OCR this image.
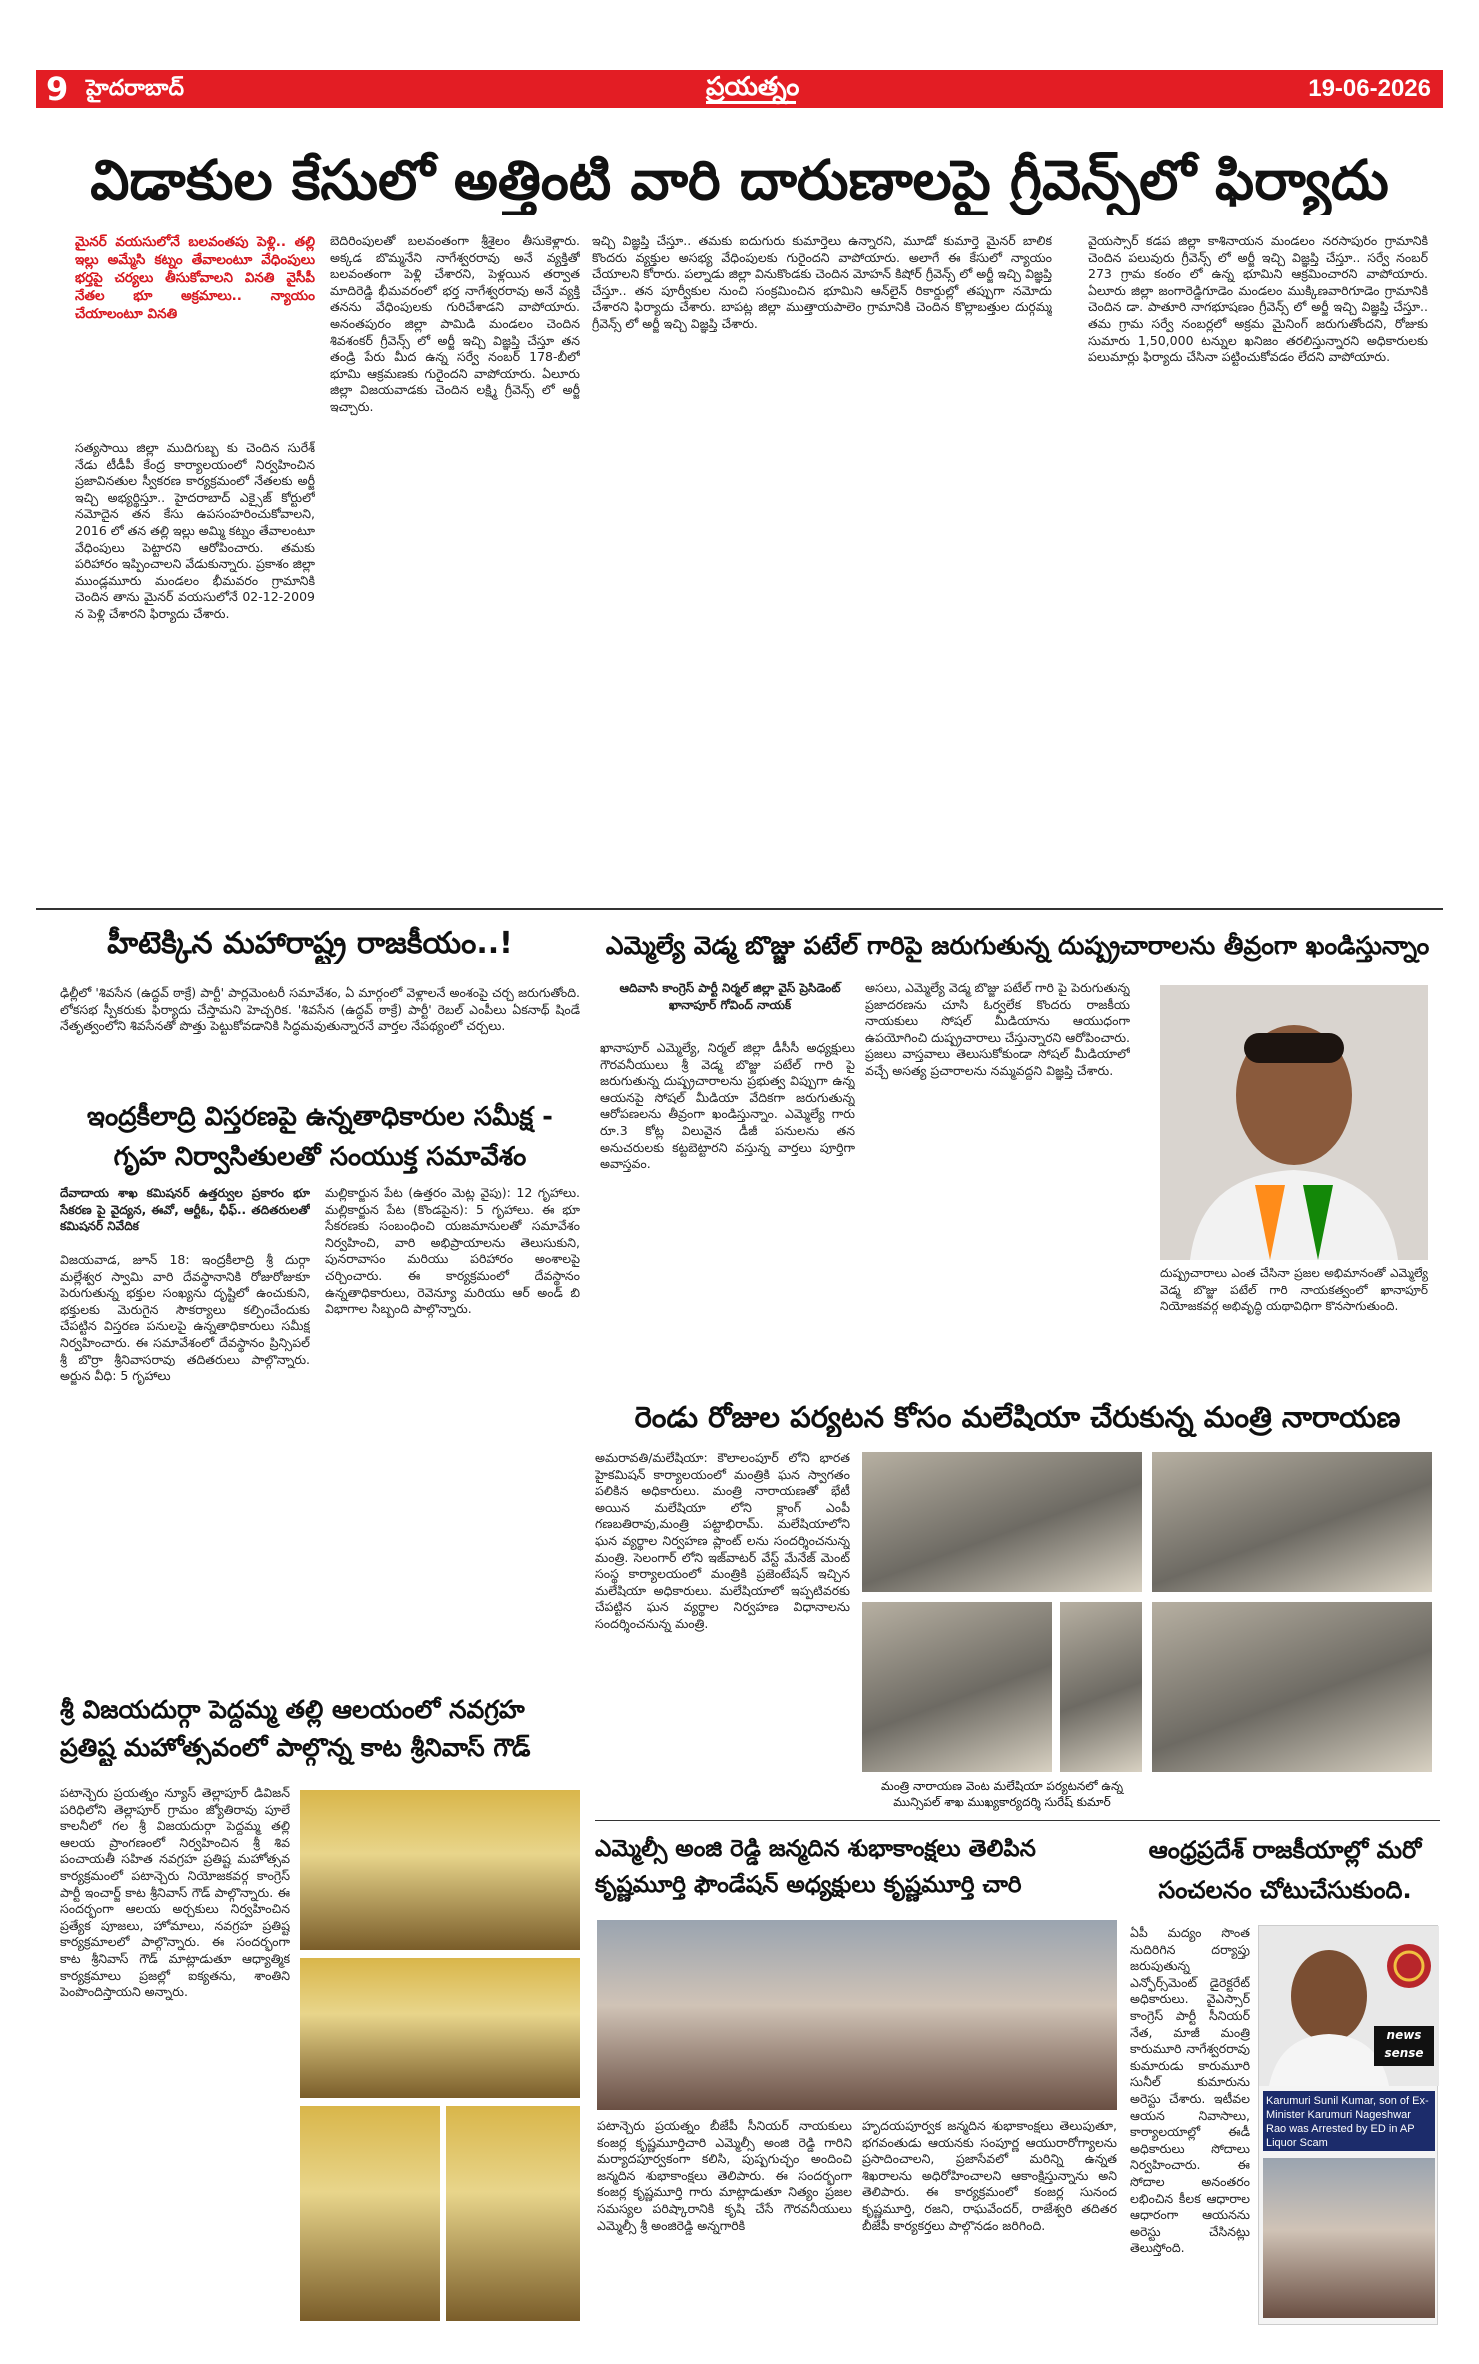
9 హైదరాబాద్	ప్రయత్నం	19-06-2026
విడాకుల కేసులో అత్తింటి వారి దారుణాలపై గ్రీవెన్స్‌లో ఫిర్యాదు
మైనర్ వయసులోనే బలవంతపు పెళ్లి.. తల్లి ఇల్లు అమ్మేసి కట్నం తేవాలంటూ వేధింపులు భర్తపై చర్యలు తీసుకోవాలని వినతి వైసీపీ నేతల భూ అక్రమాలు.. న్యాయం చేయాలంటూ వినతి
సత్యసాయి జిల్లా ముదిగుబ్బ కు చెందిన సురేశ్ నేడు టీడీపీ కేంద్ర కార్యాలయంలో నిర్వహించిన ప్రజావినతుల స్వీకరణ కార్యక్రమంలో నేతలకు అర్జీ ఇచ్చి అభ్యర్థిస్తూ.. హైదరాబాద్ ఎక్సైజ్ కోర్టులో నమోదైన తన కేసు ఉపసంహరించుకోవాలని, 2016 లో తన తల్లి ఇల్లు అమ్మి కట్నం తేవాలంటూ వేధింపులు పెట్టారని ఆరోపించారు. తమకు పరిహారం ఇప్పించాలని వేడుకున్నారు. ప్రకాశం జిల్లా ముండ్లమూరు మండలం భీమవరం గ్రామానికి చెందిన తాను మైనర్ వయసులోనే 02-12-2009 న పెళ్లి చేశారని ఫిర్యాదు చేశారు.
బెదిరింపులతో బలవంతంగా శ్రీశైలం తీసుకెళ్లారు. అక్కడ బొమ్మనేని నాగేశ్వరరావు అనే వ్యక్తితో బలవంతంగా పెళ్లి చేశారని, పెళ్లయిన తర్వాత మాదిరెడ్డి భీమవరంలో భర్త నాగేశ్వరరావు అనే వ్యక్తి తనను వేధింపులకు గురిచేశాడని వాపోయారు. అనంతపురం జిల్లా పామిడి మండలం చెందిన శివశంకర్ గ్రీవెన్స్ లో అర్జీ ఇచ్చి విజ్ఞప్తి చేస్తూ తన తండ్రి పేరు మీద ఉన్న సర్వే నంబర్ 178-బీలో భూమి ఆక్రమణకు గురైందని వాపోయారు. ఏలూరు జిల్లా విజయవాడకు చెందిన లక్ష్మి గ్రీవెన్స్ లో అర్జీ ఇచ్చారు.
ఇచ్చి విజ్ఞప్తి చేస్తూ.. తమకు ఐదుగురు కుమార్తెలు ఉన్నారని, మూడో కుమార్తె మైనర్ బాలిక కొందరు వ్యక్తుల అసభ్య వేధింపులకు గురైందని వాపోయారు. అలాగే ఈ కేసులో న్యాయం చేయాలని కోరారు. పల్నాడు జిల్లా వినుకొండకు చెందిన మోహన్ కిషోర్ గ్రీవెన్స్ లో అర్జీ ఇచ్చి విజ్ఞప్తి చేస్తూ.. తన పూర్వీకుల నుంచి సంక్రమించిన భూమిని ఆన్‌లైన్ రికార్డుల్లో తప్పుగా నమోదు చేశారని ఫిర్యాదు చేశారు. బాపట్ల జిల్లా ముత్తాయపాలెం గ్రామానికి చెందిన కొల్లాబత్తుల దుర్గమ్మ గ్రీవెన్స్ లో అర్జీ ఇచ్చి విజ్ఞప్తి చేశారు.
వైయస్సార్ కడప జిల్లా కాశినాయన మండలం నరసాపురం గ్రామానికి చెందిన పలువురు గ్రీవెన్స్ లో అర్జీ ఇచ్చి విజ్ఞప్తి చేస్తూ.. సర్వే నంబర్ 273 గ్రామ కంఠం లో ఉన్న భూమిని ఆక్రమించారని వాపోయారు. ఏలూరు జిల్లా జంగారెడ్డిగూడెం మండలం ముక్కిణవారిగూడెం గ్రామానికి చెందిన డా. పాతూరి నాగభూషణం గ్రీవెన్స్ లో అర్జీ ఇచ్చి విజ్ఞప్తి చేస్తూ.. తమ గ్రామ సర్వే నంబర్లలో అక్రమ మైనింగ్ జరుగుతోందని, రోజుకు సుమారు 1,50,000 టన్నుల ఖనిజం తరలిస్తున్నారని అధికారులకు పలుమార్లు ఫిర్యాదు చేసినా పట్టించుకోవడం లేదని వాపోయారు.
హీటెక్కిన మహారాష్ట్ర రాజకీయం..!
ఢిల్లీలో 'శివసేన (ఉద్ధవ్ ఠాక్రే) పార్టీ' పార్లమెంటరీ సమావేశం, ఏ మార్గంలో వెళ్లాలనే అంశంపై చర్చ జరుగుతోంది. లోకసభ స్పీకరుకు ఫిర్యాదు చేస్తామని హెచ్చరిక. 'శివసేన (ఉద్ధవ్ ఠాక్రే) పార్టీ' రెబల్ ఎంపీలు ఏకనాథ్ షిండే నేతృత్వంలోని శివసేనతో పొత్తు పెట్టుకోవడానికి సిద్ధమవుతున్నారనే వార్తల నేపథ్యంలో చర్చలు.
ఇంద్రకీలాద్రి విస్తరణపై ఉన్నతాధికారుల సమీక్ష -
గృహ నిర్వాసితులతో సంయుక్త సమావేశం
దేవాదాయ శాఖ కమిషనర్ ఉత్తర్వుల ప్రకారం భూ సేకరణ పై వైద్యన, ఈవో, ఆర్టీఓ, ఛీఫ్.. తదితరులతో కమిషనర్ నివేదిక
విజయవాడ, జూన్ 18: ఇంద్రకీలాద్రి శ్రీ దుర్గా మల్లేశ్వర స్వామి వారి దేవస్థానానికి రోజురోజుకూ పెరుగుతున్న భక్తుల సంఖ్యను దృష్టిలో ఉంచుకుని, భక్తులకు మెరుగైన సౌకర్యాలు కల్పించేందుకు చేపట్టిన విస్తరణ పనులపై ఉన్నతాధికారులు సమీక్ష నిర్వహించారు. ఈ సమావేశంలో దేవస్థానం ప్రిన్సిపల్ శ్రీ బొర్రా శ్రీనివాసరావు తదితరులు పాల్గొన్నారు. అర్జున వీధి: 5 గృహాలు
మల్లికార్జున పేట (ఉత్తరం మెట్ల వైపు): 12 గృహాలు. మల్లికార్జున పేట (కొండపైన): 5 గృహాలు. ఈ భూ సేకరణకు సంబంధించి యజమానులతో సమావేశం నిర్వహించి, వారి అభిప్రాయాలను తెలుసుకుని, పునరావాసం మరియు పరిహారం అంశాలపై చర్చించారు. ఈ కార్యక్రమంలో దేవస్థానం ఉన్నతాధికారులు, రెవెన్యూ మరియు ఆర్ అండ్ బి విభాగాల సిబ్బంది పాల్గొన్నారు.
ఎమ్మెల్యే వెడ్మ బొజ్జు పటేల్ గారిపై జరుగుతున్న దుష్ప్రచారాలను తీవ్రంగా ఖండిస్తున్నాం
ఆదివాసి కాంగ్రెస్ పార్టీ నిర్మల్ జిల్లా వైస్ ప్రెసిడెంట్ ఖానాపూర్ గోవింద్ నాయక్
ఖానాపూర్ ఎమ్మెల్యే, నిర్మల్ జిల్లా డీసీసీ అధ్యక్షులు గౌరవనీయులు శ్రీ వెడ్మ బొజ్జు పటేల్ గారి పై జరుగుతున్న దుష్ప్రచారాలను ప్రభుత్వ విప్పుగా ఉన్న ఆయనపై సోషల్ మీడియా వేదికగా జరుగుతున్న ఆరోపణలను తీవ్రంగా ఖండిస్తున్నాం. ఎమ్మెల్యే గారు రూ.3 కోట్ల విలువైన డీజీ పనులను తన అనుచరులకు కట్టబెట్టారని వస్తున్న వార్తలు పూర్తిగా అవాస్తవం.
అసలు, ఎమ్మెల్యే వెడ్మ బొజ్జు పటేల్ గారి పై పెరుగుతున్న ప్రజాదరణను చూసి ఓర్వలేక కొందరు రాజకీయ నాయకులు సోషల్ మీడియాను ఆయుధంగా ఉపయోగించి దుష్ప్రచారాలు చేస్తున్నారని ఆరోపించారు. ప్రజలు వాస్తవాలు తెలుసుకోకుండా సోషల్ మీడియాలో వచ్చే అసత్య ప్రచారాలను నమ్మవద్దని విజ్ఞప్తి చేశారు.
దుష్ప్రచారాలు ఎంత చేసినా ప్రజల అభిమానంతో ఎమ్మెల్యే వెడ్మ బొజ్జు పటేల్ గారి నాయకత్వంలో ఖానాపూర్ నియోజకవర్గ అభివృద్ధి యథావిధిగా కొనసాగుతుంది.
రెండు రోజుల పర్యటన కోసం మలేషియా చేరుకున్న మంత్రి నారాయణ
అమరావతి/మలేషియా: కౌలాలంపూర్ లోని భారత హైకమిషన్ కార్యాలయంలో మంత్రికి ఘన స్వాగతం పలికిన అధికారులు. మంత్రి నారాయణతో భేటీ అయిన మలేషియా లోని క్లాంగ్ ఎంపీ గణబతిరావు,మంత్రి పట్టాభిరామ్. మలేషియాలోని ఘన వ్యర్థాల నిర్వహణ ప్లాంట్ లను సందర్శించనున్న మంత్రి. సెలంగార్ లోని ఇజ్‌వాటర్ వేస్ట్ మేనేజ్ మెంట్ సంస్థ కార్యాలయంలో మంత్రికి ప్రజెంటేషన్ ఇచ్చిన మలేషియా అధికారులు. మలేషియాలో ఇప్పటివరకు చేపట్టిన ఘన వ్యర్థాల నిర్వహణ విధానాలను సందర్శించనున్న మంత్రి.
మంత్రి నారాయణ వెంట మలేషియా పర్యటనలో ఉన్న మున్సిపల్ శాఖ ముఖ్యకార్యదర్శి సురేష్ కుమార్
శ్రీ విజయదుర్గా పెద్దమ్మ తల్లి ఆలయంలో నవగ్రహ
ప్రతిష్ట మహోత్సవంలో పాల్గొన్న కాట శ్రీనివాస్ గౌడ్
పటాన్చెరు ప్రయత్నం న్యూస్ తెల్లాపూర్ డివిజన్ పరిధిలోని తెల్లాపూర్ గ్రామం జ్యోతిరావు పూలే కాలనీలో గల శ్రీ విజయదుర్గా పెద్దమ్మ తల్లి ఆలయ ప్రాంగణంలో నిర్వహించిన శ్రీ శివ పంచాయతీ సహిత నవగ్రహ ప్రతిష్ట మహోత్సవ కార్యక్రమంలో పటాన్చెరు నియోజకవర్గ కాంగ్రెస్ పార్టీ ఇంచార్జ్ కాట శ్రీనివాస్ గౌడ్ పాల్గొన్నారు. ఈ సందర్భంగా ఆలయ అర్చకులు నిర్వహించిన ప్రత్యేక పూజలు, హోమాలు, నవగ్రహ ప్రతిష్ట కార్యక్రమాలలో పాల్గొన్నారు. ఈ సందర్భంగా కాట శ్రీనివాస్ గౌడ్ మాట్లాడుతూ ఆధ్యాత్మిక కార్యక్రమాలు ప్రజల్లో ఐక్యతను, శాంతిని పెంపొందిస్తాయని అన్నారు.
ఎమ్మెల్సీ అంజి రెడ్డి జన్మదిన శుభాకాంక్షలు తెలిపిన
కృష్ణమూర్తి ఫౌండేషన్ అధ్యక్షులు కృష్ణమూర్తి చారి
పటాన్చెరు ప్రయత్నం బీజేపీ సీనియర్ నాయకులు కంజర్ల కృష్ణమూర్తిచారి ఎమ్మెల్సీ అంజి రెడ్డి గారిని మర్యాదపూర్వకంగా కలిసి, పుష్పగుచ్ఛం అందించి జన్మదిన శుభాకాంక్షలు తెలిపారు. ఈ సందర్భంగా కంజర్ల కృష్ణమూర్తి గారు మాట్లాడుతూ నిత్యం ప్రజల సమస్యల పరిష్కారానికి కృషి చేసే గౌరవనీయులు ఎమ్మెల్సీ శ్రీ అంజిరెడ్డి అన్నగారికి
హృదయపూర్వక జన్మదిన శుభాకాంక్షలు తెలుపుతూ, భగవంతుడు ఆయనకు సంపూర్ణ ఆయురారోగ్యాలను ప్రసాదించాలని, ప్రజాసేవలో మరిన్ని ఉన్నత శిఖరాలను అధిరోహించాలని ఆకాంక్షిస్తున్నాను అని తెలిపారు. ఈ కార్యక్రమంలో కంజర్ల సునంద కృష్ణమూర్తి, రజని, రాఘవేందర్, రాజేశ్వరి తదితర బీజేపీ కార్యకర్తలు పాల్గొనడం జరిగింది.
ఆంధ్రప్రదేశ్ రాజకీయాల్లో మరో
సంచలనం చోటుచేసుకుంది.
ఏపీ మద్యం సొంత నుదిరిగిన దర్యాప్తు జరుపుతున్న ఎన్ఫోర్స్‌మెంట్ డైరెక్టరేట్ అధికారులు. వైఎస్సార్ కాంగ్రెస్ పార్టీ సీనియర్ నేత, మాజీ మంత్రి కారుమూరి నాగేశ్వరరావు కుమారుడు కారుమూరి సునీల్ కుమారును అరెస్టు చేశారు. ఇటీవల ఆయన నివాసాలు, కార్యాలయాల్లో ఈడీ అధికారులు సోదాలు నిర్వహించారు. ఈ సోదాల అనంతరం లభించిన కీలక ఆధారాల ఆధారంగా ఆయనను అరెస్టు చేసినట్లు తెలుస్తోంది.
news
sense
Karumuri Sunil Kumar, son of Ex-Minister Karumuri Nageshwar Rao was Arrested by ED in AP Liquor Scam
